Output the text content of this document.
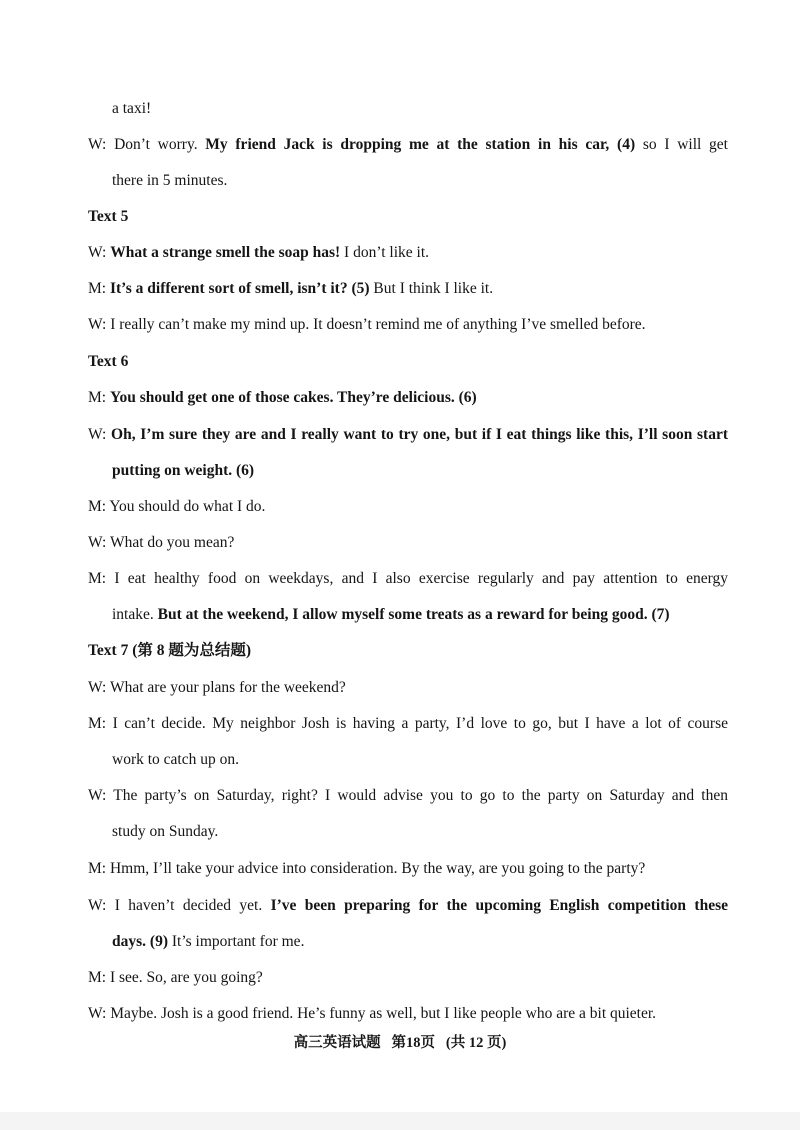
a taxi!
W: Don’t worry. My friend Jack is dropping me at the station in his car, (4) so I will get
there in 5 minutes.
Text 5
W: What a strange smell the soap has! I don’t like it.
M: It’s a different sort of smell, isn’t it? (5) But I think I like it.
W: I really can’t make my mind up. It doesn’t remind me of anything I’ve smelled before.
Text 6
M: You should get one of those cakes. They’re delicious. (6)
W: Oh, I’m sure they are and I really want to try one, but if I eat things like this, I’ll soon start
putting on weight. (6)
M: You should do what I do.
W: What do you mean?
M: I eat healthy food on weekdays, and I also exercise regularly and pay attention to energy
intake. But at the weekend, I allow myself some treats as a reward for being good. (7)
Text 7 (第 8 题为总结题)
W: What are your plans for the weekend?
M: I can’t decide. My neighbor Josh is having a party, I’d love to go, but I have a lot of course
work to catch up on.
W: The party’s on Saturday, right? I would advise you to go to the party on Saturday and then
study on Sunday.
M: Hmm, I’ll take your advice into consideration. By the way, are you going to the party?
W: I haven’t decided yet. I’ve been preparing for the upcoming English competition these
days. (9) It’s important for me.
M: I see. So, are you going?
W: Maybe. Josh is a good friend. He’s funny as well, but I like people who are a bit quieter.
高三英语试题   第18页   (共 12 页)
